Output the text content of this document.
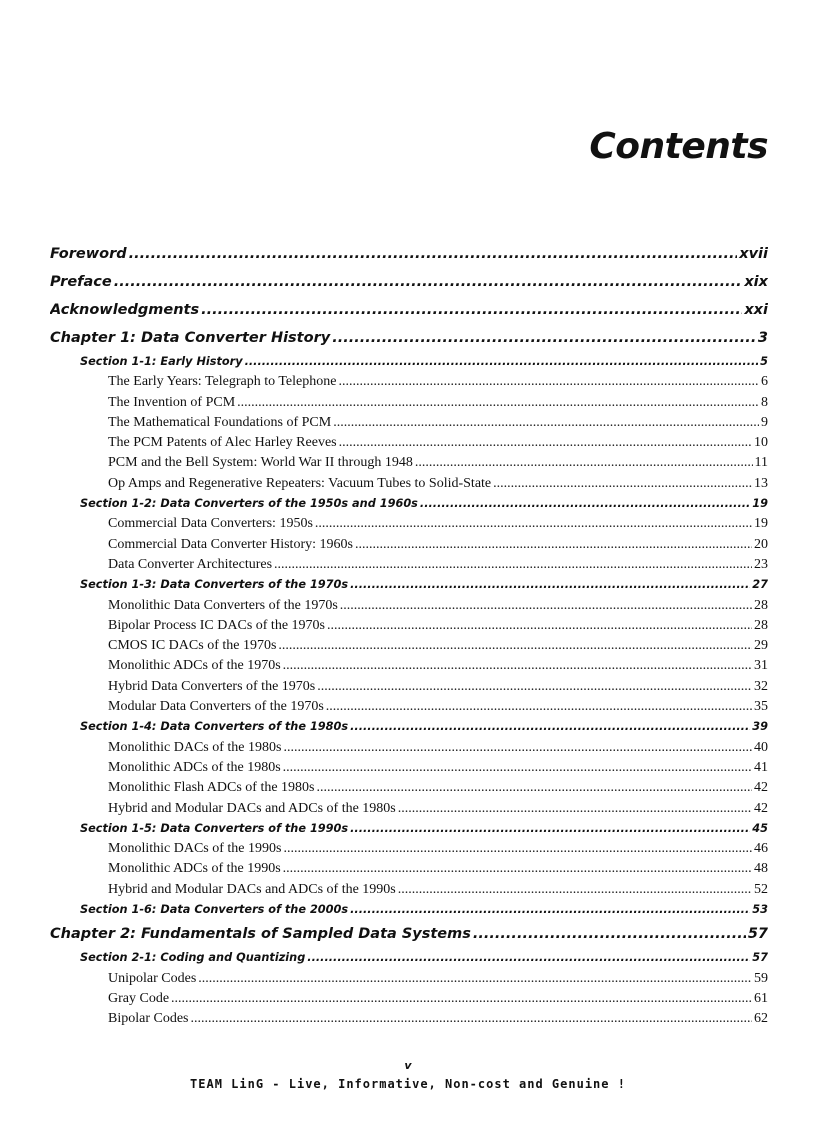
Contents
Foreword .....	xvii
Preface .....	xix
Acknowledgments .....	xxi
Chapter 1: Data Converter History .....	3
Section 1-1: Early History .....	5
The Early Years: Telegraph to Telephone .....	6
The Invention of PCM .....	8
The Mathematical Foundations of PCM .....	9
The PCM Patents of Alec Harley Reeves .....	10
PCM and the Bell System: World War II through 1948 .....	11
Op Amps and Regenerative Repeaters: Vacuum Tubes to Solid-State .....	13
Section 1-2: Data Converters of the 1950s and 1960s .....	19
Commercial Data Converters: 1950s .....	19
Commercial Data Converter History: 1960s .....	20
Data Converter Architectures .....	23
Section 1-3: Data Converters of the 1970s .....	27
Monolithic Data Converters of the 1970s .....	28
Bipolar Process IC DACs of the 1970s .....	28
CMOS IC DACs of the 1970s .....	29
Monolithic ADCs of the 1970s .....	31
Hybrid Data Converters of the 1970s .....	32
Modular Data Converters of the 1970s .....	35
Section 1-4: Data Converters of the 1980s .....	39
Monolithic DACs of the 1980s .....	40
Monolithic ADCs of the 1980s .....	41
Monolithic Flash ADCs of the 1980s .....	42
Hybrid and Modular DACs and ADCs of the 1980s .....	42
Section 1-5: Data Converters of the 1990s .....	45
Monolithic DACs of the 1990s .....	46
Monolithic ADCs of the 1990s .....	48
Hybrid and Modular DACs and ADCs of the 1990s .....	52
Section 1-6: Data Converters of the 2000s .....	53
Chapter 2: Fundamentals of Sampled Data Systems .....	57
Section 2-1: Coding and Quantizing .....	57
Unipolar Codes .....	59
Gray Code .....	61
Bipolar Codes .....	62
v
TEAM LinG - Live, Informative, Non-cost and Genuine !
